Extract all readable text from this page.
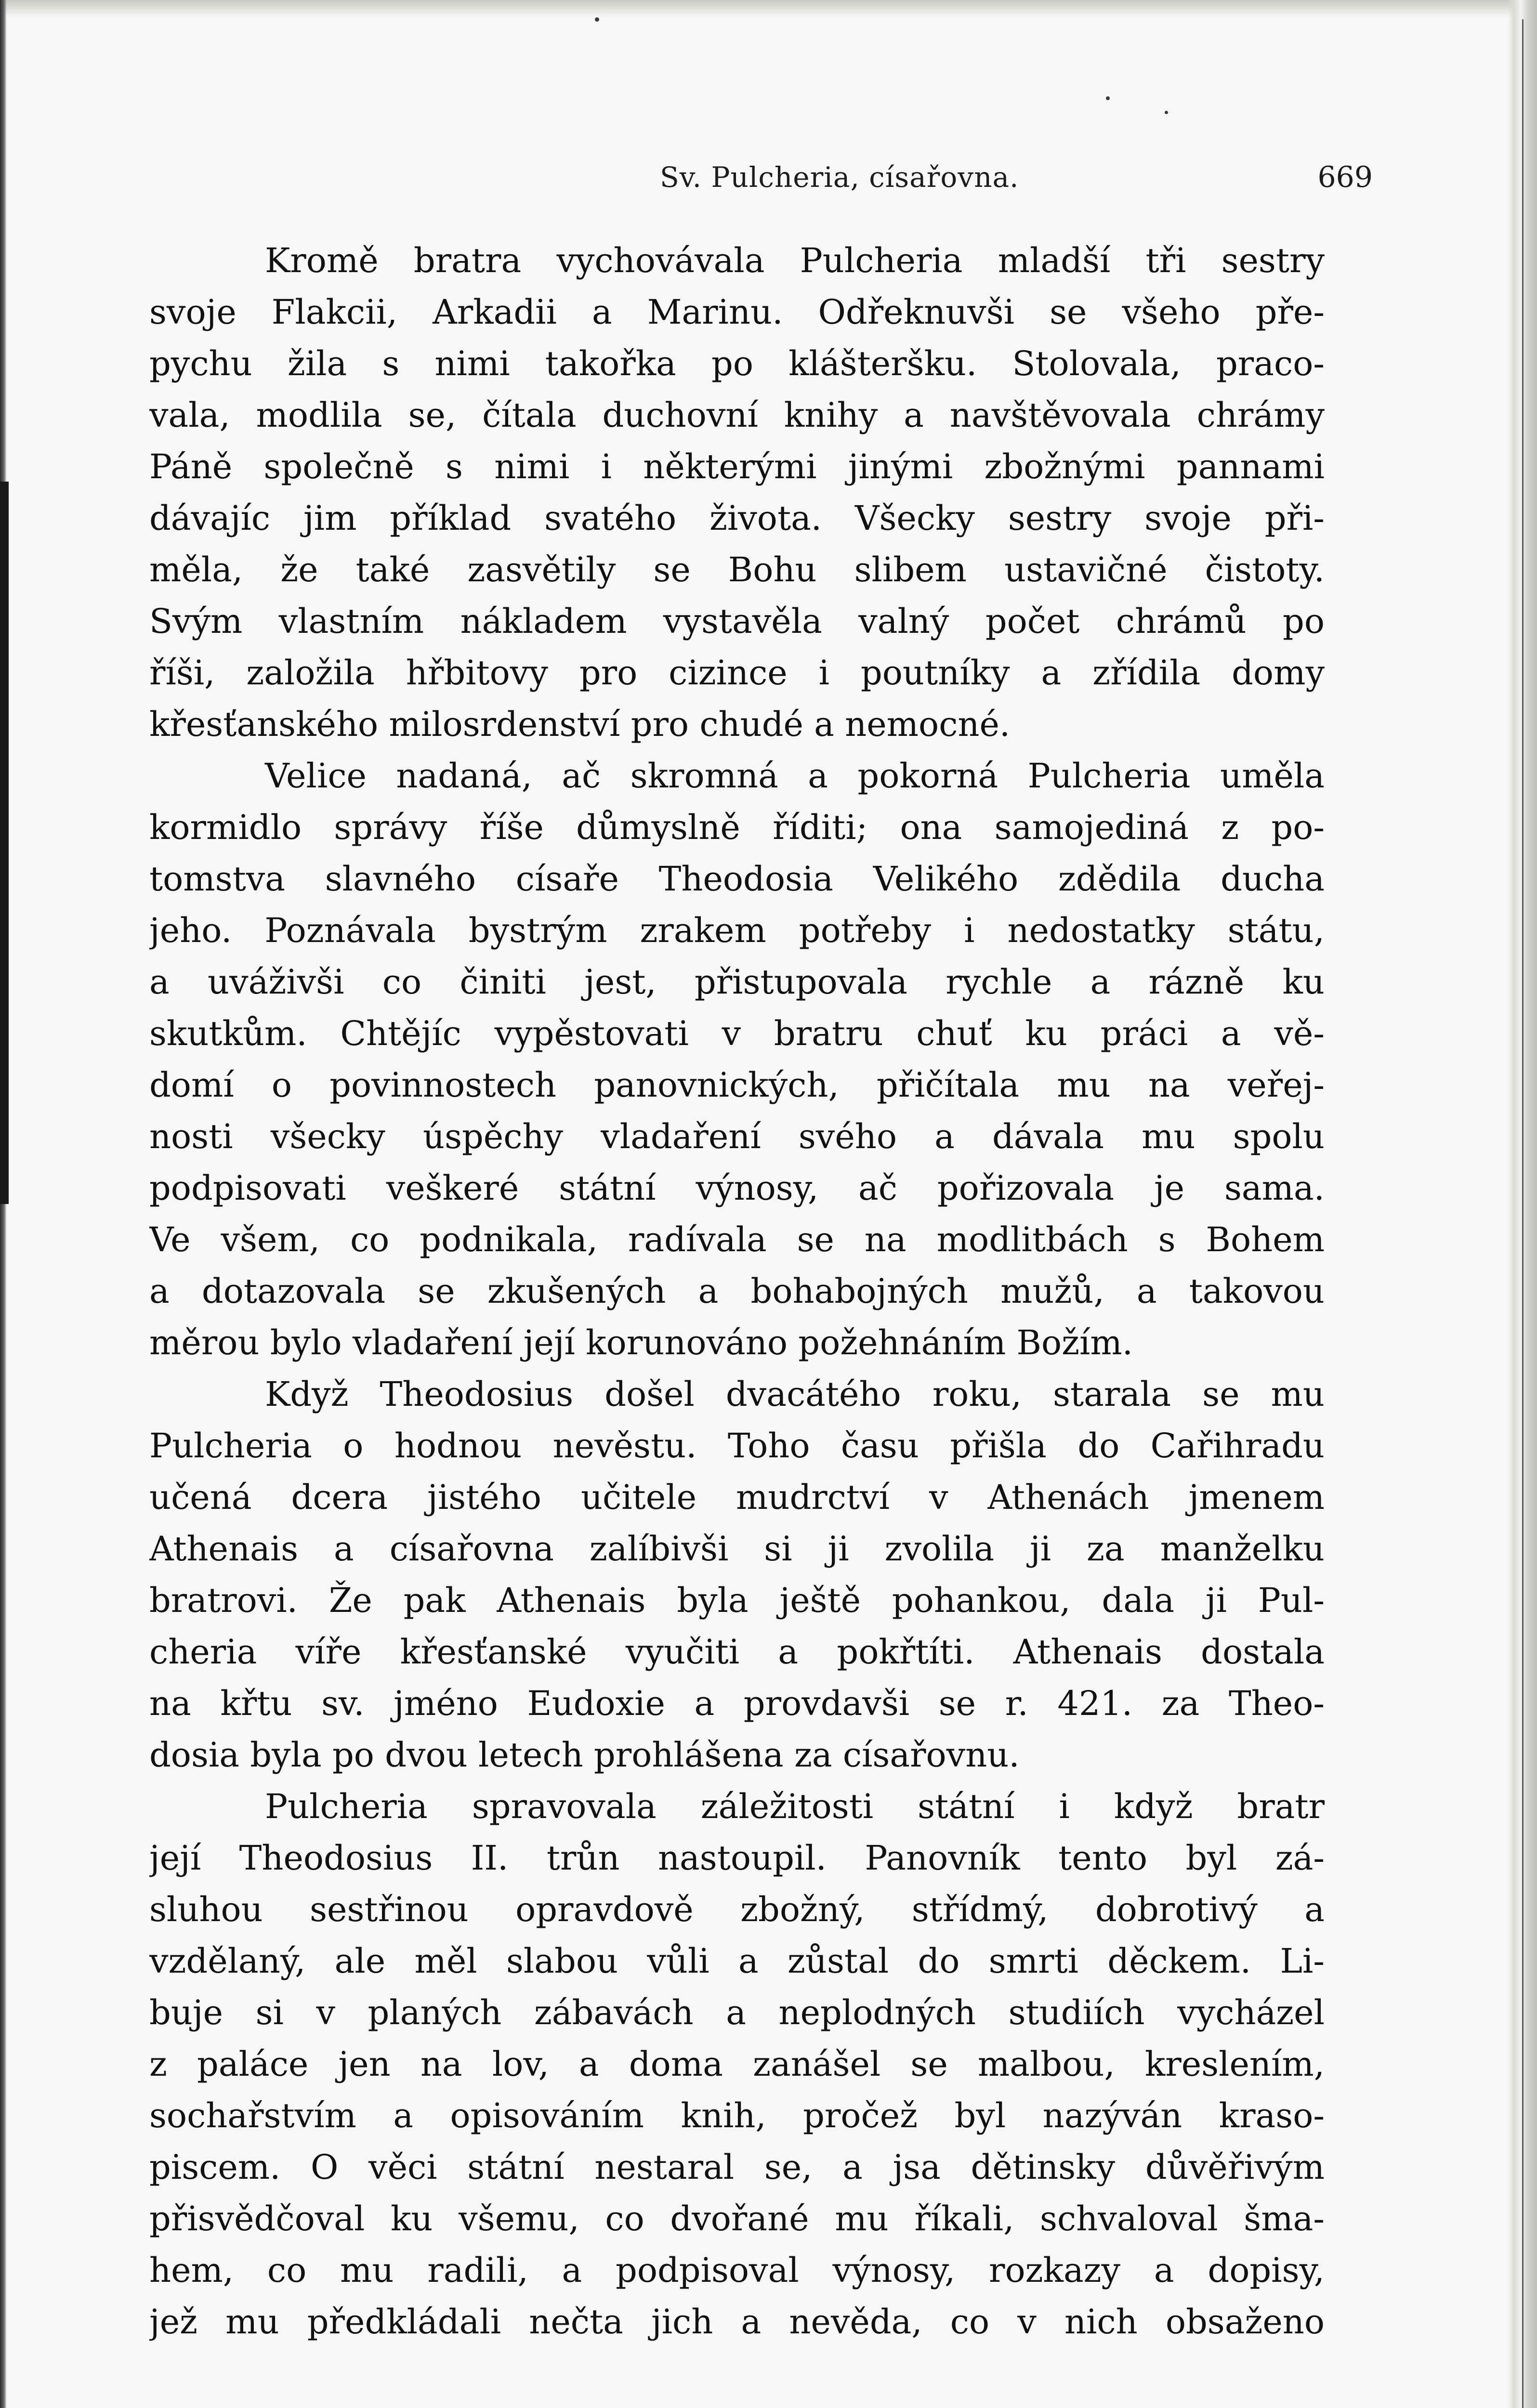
Sv. Pulcheria, císařovna.	669
Kromě bratra vychovávala Pulcheria mladší tři sestry
svoje Flakcii, Arkadii a Marinu. Odřeknuvši se všeho pře-
pychu žila s nimi takořka po klášteršku. Stolovala, praco-
vala, modlila se, čítala duchovní knihy a navštěvovala chrámy
Páně společně s nimi i některými jinými zbožnými pannami
dávajíc jim příklad svatého života. Všecky sestry svoje při-
měla, že také zasvětily se Bohu slibem ustavičné čistoty.
Svým vlastním nákladem vystavěla valný počet chrámů po
říši, založila hřbitovy pro cizince i poutníky a zřídila domy
křesťanského milosrdenství pro chudé a nemocné.
Velice nadaná, ač skromná a pokorná Pulcheria uměla
kormidlo správy říše důmyslně říditi; ona samojediná z po-
tomstva slavného císaře Theodosia Velikého zdědila ducha
jeho. Poznávala bystrým zrakem potřeby i nedostatky státu,
a uváživši co činiti jest, přistupovala rychle a rázně ku
skutkům. Chtějíc vypěstovati v bratru chuť ku práci a vě-
domí o povinnostech panovnických, přičítala mu na veřej-
nosti všecky úspěchy vladaření svého a dávala mu spolu
podpisovati veškeré státní výnosy, ač pořizovala je sama.
Ve všem, co podnikala, radívala se na modlitbách s Bohem
a dotazovala se zkušených a bohabojných mužů, a takovou
měrou bylo vladaření její korunováno požehnáním Božím.
Když Theodosius došel dvacátého roku, starala se mu
Pulcheria o hodnou nevěstu. Toho času přišla do Cařihradu
učená dcera jistého učitele mudrctví v Athenách jmenem
Athenais a císařovna zalíbivši si ji zvolila ji za manželku
bratrovi. Že pak Athenais byla ještě pohankou, dala ji Pul-
cheria víře křesťanské vyučiti a pokřtíti. Athenais dostala
na křtu sv. jméno Eudoxie a provdavši se r. 421. za Theo-
dosia byla po dvou letech prohlášena za císařovnu.
Pulcheria spravovala záležitosti státní i když bratr
její Theodosius II. trůn nastoupil. Panovník tento byl zá-
sluhou sestřinou opravdově zbožný, střídmý, dobrotivý a
vzdělaný, ale měl slabou vůli a zůstal do smrti děckem. Li-
buje si v planých zábavách a neplodných studiích vycházel
z paláce jen na lov, a doma zanášel se malbou, kreslením,
sochařstvím a opisováním knih, pročež byl nazýván kraso-
piscem. O věci státní nestaral se, a jsa dětinsky důvěřivým
přisvědčoval ku všemu, co dvořané mu říkali, schvaloval šma-
hem, co mu radili, a podpisoval výnosy, rozkazy a dopisy,
jež mu předkládali nečta jich a nevěda, co v nich obsaženo
